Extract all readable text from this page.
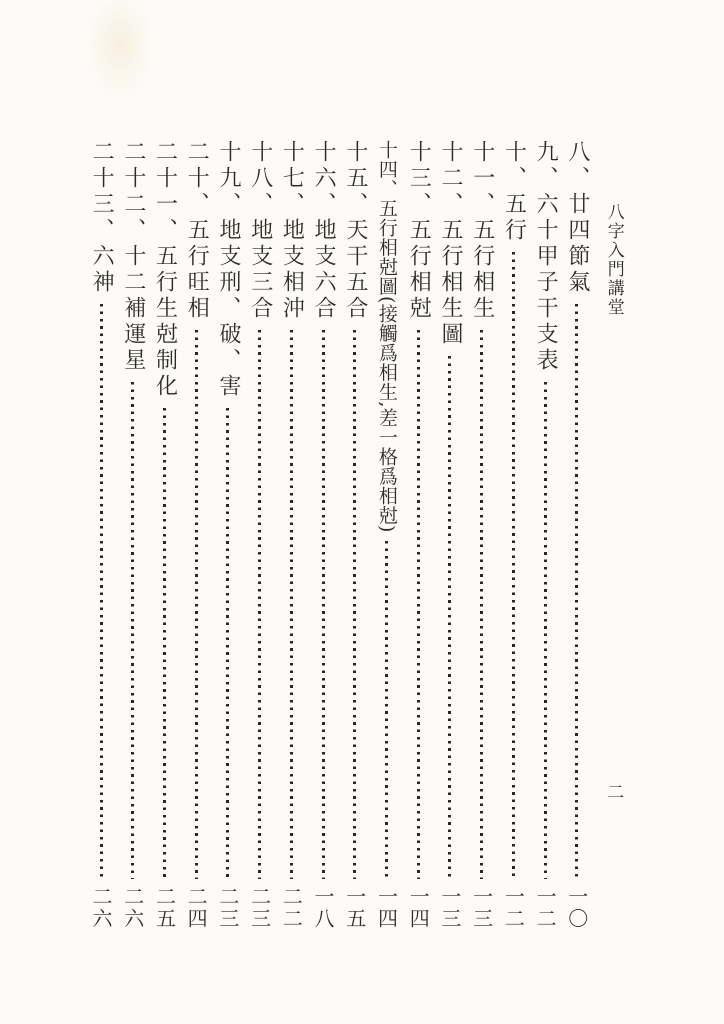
八字入門講堂
八、廿四節氣
一〇
九、六十甲子干支表
一二
十、五行
一二
十一、五行相生
一三
十二、五行相生圖
一三
十三、五行相尅
一四
十四、五行相尅圖(接觸爲相生,差一格爲相尅)
一四
十五、天干五合
一五
十六、地支六合
一八
十七、地支相沖
二二
十八、地支三合
二三
十九、地支刑、破、害
二三
二十、五行旺相
二四
二十一、五行生尅制化
二五
二十二、十二補運星
二六
二十三、六神
二六
二
